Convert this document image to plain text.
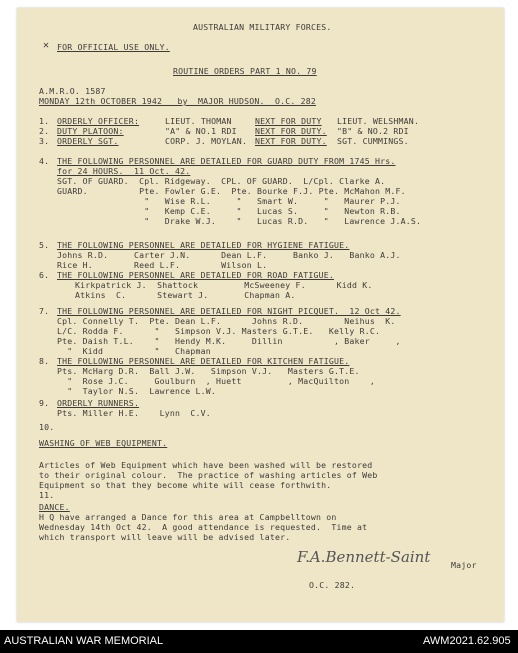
AUSTRALIAN MILITARY FORCES.
✕ FOR OFFICIAL USE ONLY.
ROUTINE ORDERS PART 1 NO. 79
A.M.R.O. 1587
MONDAY 12th OCTOBER 1942   by  MAJOR HUDSON.  O.C. 282
1. ORDERLY OFFICER:	LIEUT. THOMAN	NEXT FOR DUTY LIEUT. WELSHMAN.
2. DUTY PLATOON:	"A" & NO.1 RDI NEXT FOR DUTY. "B" & NO.2 RDI
3. ORDERLY SGT.	CORP. J. MOYLAN. NEXT FOR DUTY. SGT. CUMMINGS.
4. THE FOLLOWING PERSONNEL ARE DETAILED FOR GUARD DUTY FROM 1745 Hrs.
for 24 HOURS.  11 Oct. 42.
SGT. OF GUARD.  Cpl. Ridgeway.  CPL. OF GUARD.  L/Cpl. Clarke A.
GUARD.          Pte. Fowler G.E.  Pte. Bourke F.J. Pte. McMahon M.F.
"   Wise R.L.     "   Smart W.     "   Maurer P.J.
"   Kemp C.E.     "   Lucas S.     "   Newton R.B.
"   Drake W.J.    "   Lucas R.D.   "   Lawrence J.A.S.
5. THE FOLLOWING PERSONNEL ARE DETAILED FOR HYGIENE FATIGUE.
Johns R.D.     Carter J.N.      Dean L.F.     Banko J.   Banko A.J.
Rice H.        Reed L.F.        Wilson L.
6. THE FOLLOWING PERSONNEL ARE DETAILED FOR ROAD FATIGUE.
Kirkpatrick J.  Shattock         McSweeney F.      Kidd K.
Atkins  C.      Stewart J.       Chapman A.
7. THE FOLLOWING PERSONNEL ARE DETAILED FOR NIGHT PICQUET.  12 Oct 42.
Cpl. Connelly T.  Pte. Dean L.F.      Johns R.D.        Neihus  K.
L/C. Rodda F.      "   Simpson V.J. Masters G.T.E.   Kelly R.C.
Pte. Daish T.L.    "   Hendy M.K.     Dillin          , Baker     ,
"  Kidd          "   Chapman
8. THE FOLLOWING PERSONNEL ARE DETAILED FOR KITCHEN FATIGUE.
Pts. McHarg D.R.  Ball J.W.   Simpson V.J.   Masters G.T.E.
"  Rose J.C.     Goulburn  , Huett         , MacQuilton    ,
"  Taylor N.S.  Lawrence L.W.
9. ORDERLY RUNNERS.
Pts. Miller H.E.    Lynn  C.V.
10.
WASHING OF WEB EQUIPMENT.
Articles of Web Equipment which have been washed will be restored
to their original colour.  The practice of washing articles of Web
Equipment so that they become white will cease forthwith.
11.
DANCE.
H Q have arranged a Dance for this area at Campbelltown on
Wednesday 14th Oct 42.  A good attendance is requested.  Time at
which transport will leave will be advised later.
F.A.Bennett-Saint	Major
O.C. 282.
AUSTRALIAN WAR MEMORIAL	AWM2021.62.905
